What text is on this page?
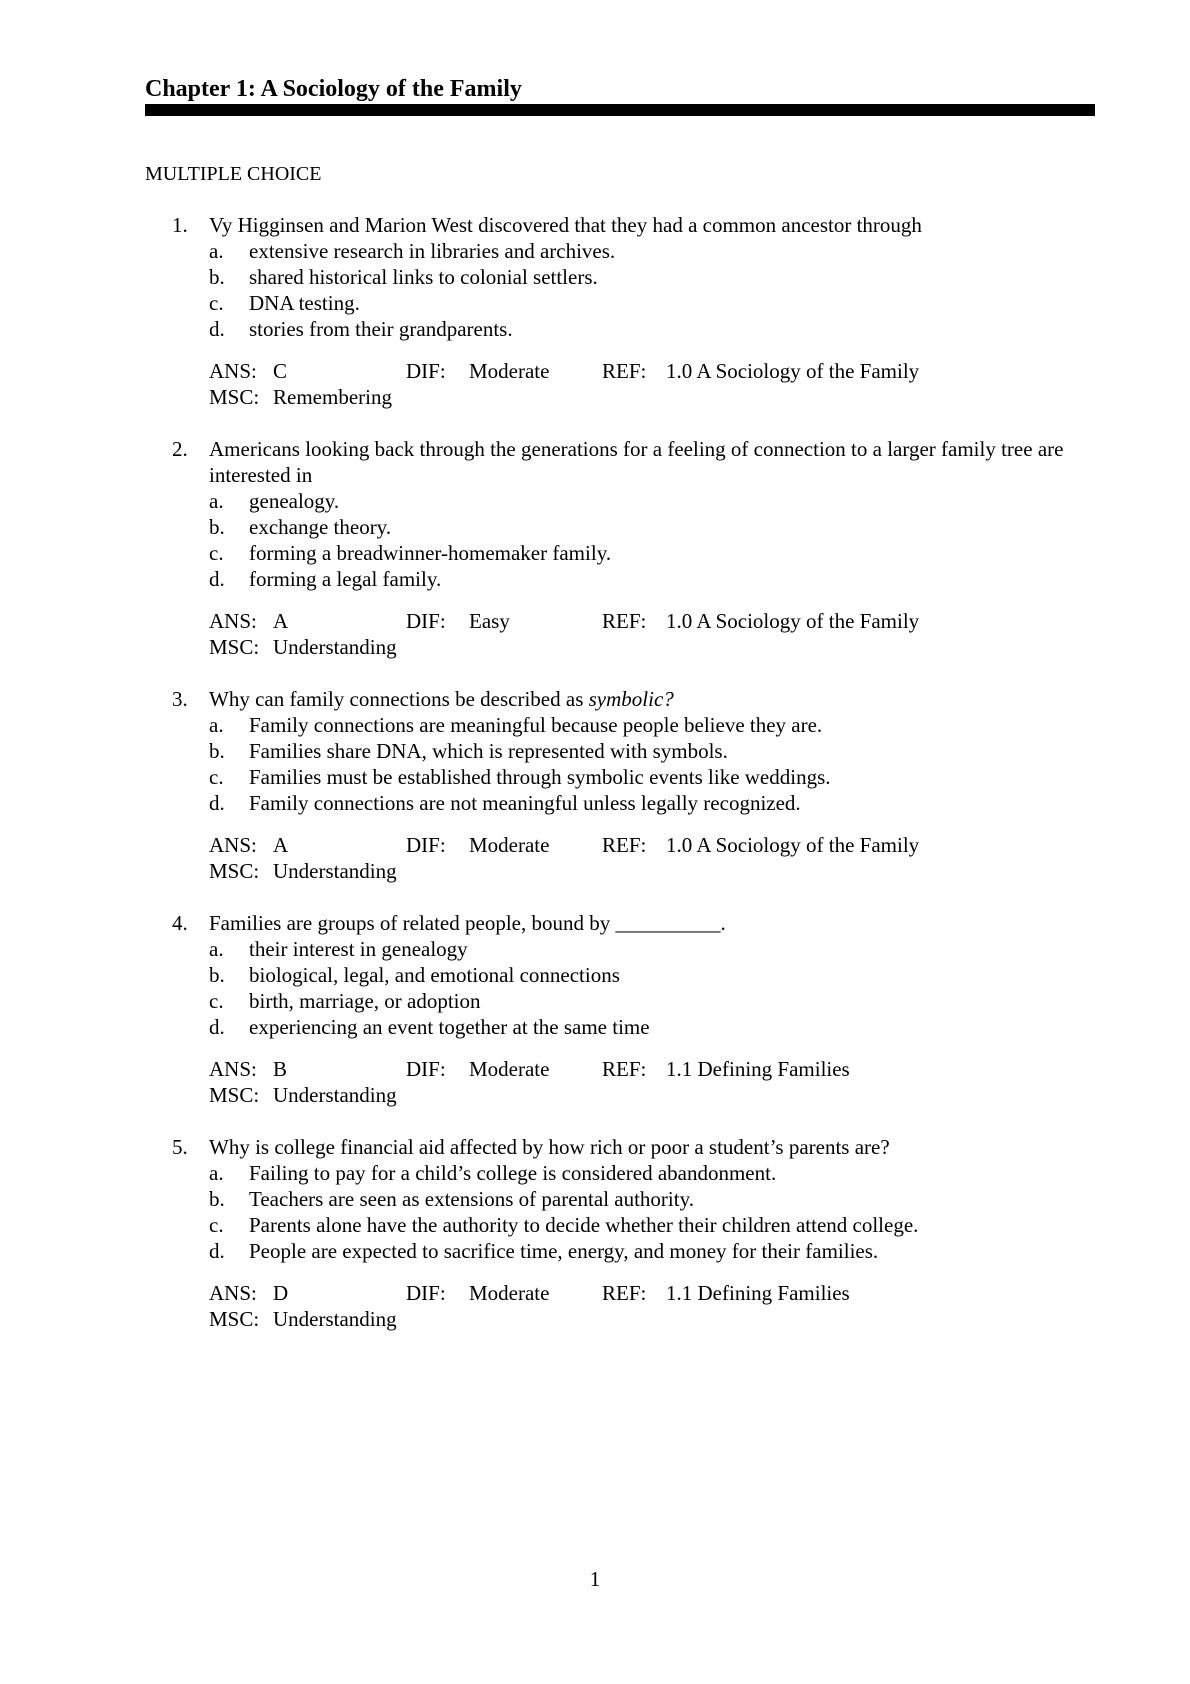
Chapter 1: A Sociology of the Family
MULTIPLE CHOICE
1. Vy Higginsen and Marion West discovered that they had a common ancestor through
a. extensive research in libraries and archives.
b. shared historical links to colonial settlers.
c. DNA testing.
d. stories from their grandparents.
ANS: C	DIF: Moderate	REF: 1.0 A Sociology of the Family
MSC: Remembering
2. Americans looking back through the generations for a feeling of connection to a larger family tree are interested in
a. genealogy.
b. exchange theory.
c. forming a breadwinner-homemaker family.
d. forming a legal family.
ANS: A	DIF: Easy	REF: 1.0 A Sociology of the Family
MSC: Understanding
3. Why can family connections be described as symbolic?
a. Family connections are meaningful because people believe they are.
b. Families share DNA, which is represented with symbols.
c. Families must be established through symbolic events like weddings.
d. Family connections are not meaningful unless legally recognized.
ANS: A	DIF: Moderate	REF: 1.0 A Sociology of the Family
MSC: Understanding
4. Families are groups of related people, bound by __________.
a. their interest in genealogy
b. biological, legal, and emotional connections
c. birth, marriage, or adoption
d. experiencing an event together at the same time
ANS: B	DIF: Moderate	REF: 1.1 Defining Families
MSC: Understanding
5. Why is college financial aid affected by how rich or poor a student’s parents are?
a. Failing to pay for a child’s college is considered abandonment.
b. Teachers are seen as extensions of parental authority.
c. Parents alone have the authority to decide whether their children attend college.
d. People are expected to sacrifice time, energy, and money for their families.
ANS: D	DIF: Moderate	REF: 1.1 Defining Families
MSC: Understanding
1
